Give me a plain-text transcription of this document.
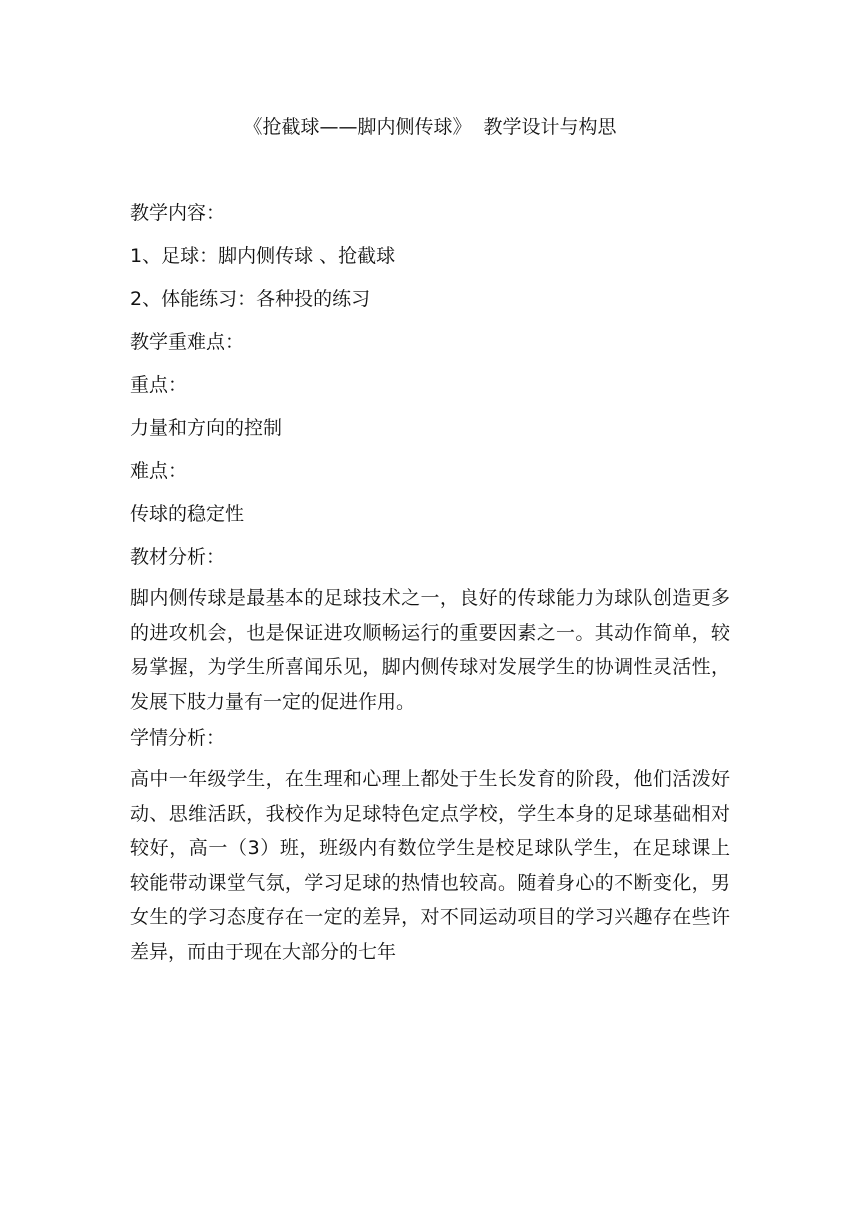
《抢截球——脚内侧传球》 教学设计与构思
教学内容：
1、足球：脚内侧传球 、抢截球
2、体能练习：各种投的练习
教学重难点：
重点：
力量和方向的控制
难点：
传球的稳定性
教材分析：
脚内侧传球是最基本的足球技术之一，良好的传球能力为球队创造更多的进攻机会，也是保证进攻顺畅运行的重要因素之一。其动作简单，较易掌握，为学生所喜闻乐见，脚内侧传球对发展学生的协调性灵活性，发展下肢力量有一定的促进作用。
学情分析：
高中一年级学生，在生理和心理上都处于生长发育的阶段，他们活泼好动、思维活跃，我校作为足球特色定点学校，学生本身的足球基础相对较好，高一（3）班，班级内有数位学生是校足球队学生，在足球课上较能带动课堂气氛，学习足球的热情也较高。随着身心的不断变化，男女生的学习态度存在一定的差异，对不同运动项目的学习兴趣存在些许差异，而由于现在大部分的七年
